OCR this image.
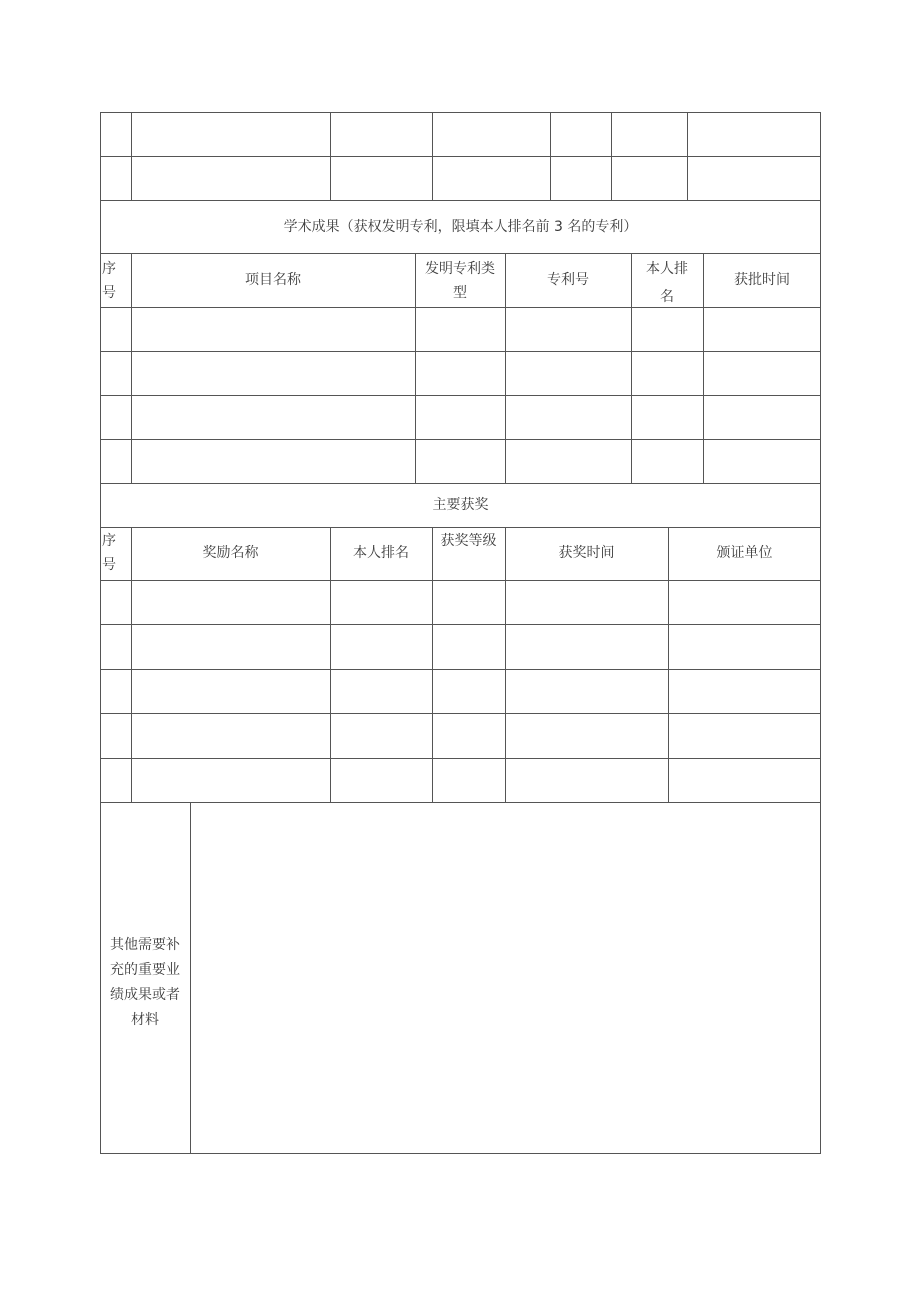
学术成果（获权发明专利，限填本人排名前 3 名的专利）
序
号
项目名称
发明专利类
型
专利号
本人排
名
获批时间
主要获奖
序
号
奖励名称	本人排名
获奖等级
获奖时间	颁证单位
其他需要补
充的重要业
绩成果或者
材料
